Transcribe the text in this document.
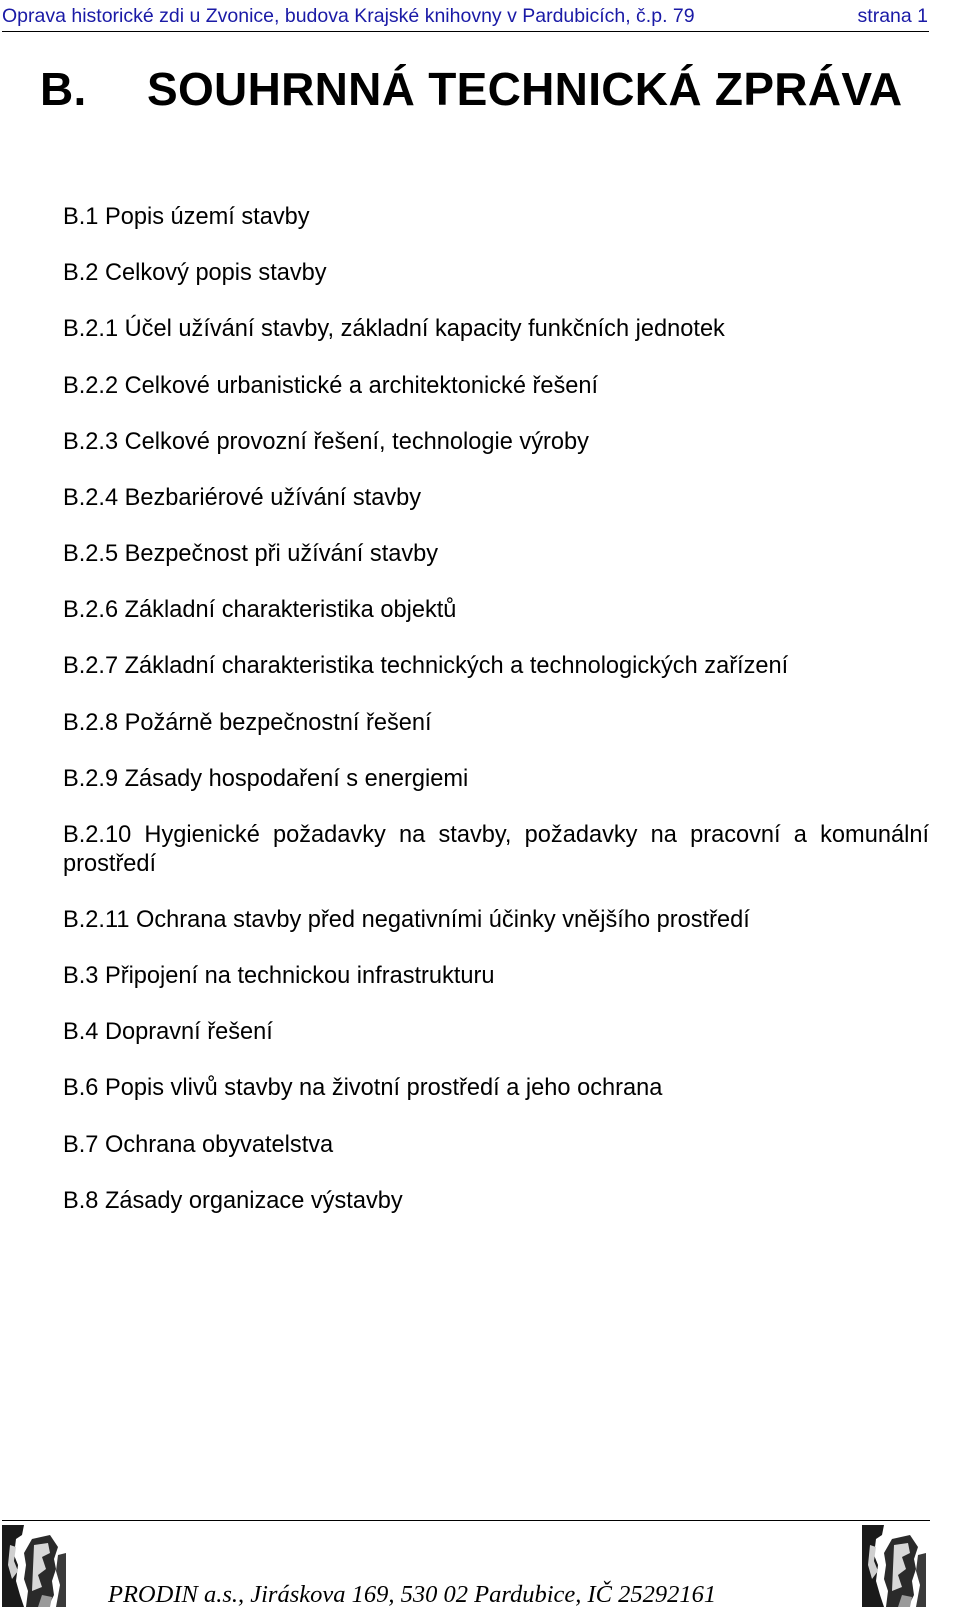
Oprava historické zdi u Zvonice, budova Krajské knihovny v Pardubicích, č.p. 79	strana 1
B. SOUHRNNÁ TECHNICKÁ ZPRÁVA
B.1 Popis území stavby
B.2 Celkový popis stavby
B.2.1 Účel užívání stavby, základní kapacity funkčních jednotek
B.2.2 Celkové urbanistické a architektonické řešení
B.2.3 Celkové provozní řešení, technologie výroby
B.2.4 Bezbariérové užívání stavby
B.2.5 Bezpečnost při užívání stavby
B.2.6 Základní charakteristika objektů
B.2.7 Základní charakteristika technických a technologických zařízení
B.2.8 Požárně bezpečnostní řešení
B.2.9 Zásady hospodaření s energiemi
B.2.10 Hygienické požadavky na stavby, požadavky na pracovní a komunální prostředí
B.2.11 Ochrana stavby před negativními účinky vnějšího prostředí
B.3 Připojení na technickou infrastrukturu
B.4 Dopravní řešení
B.6 Popis vlivů stavby na životní prostředí a jeho ochrana
B.7 Ochrana obyvatelstva
B.8 Zásady organizace výstavby
PRODIN a.s., Jiráskova 169, 530 02 Pardubice, IČ 25292161
